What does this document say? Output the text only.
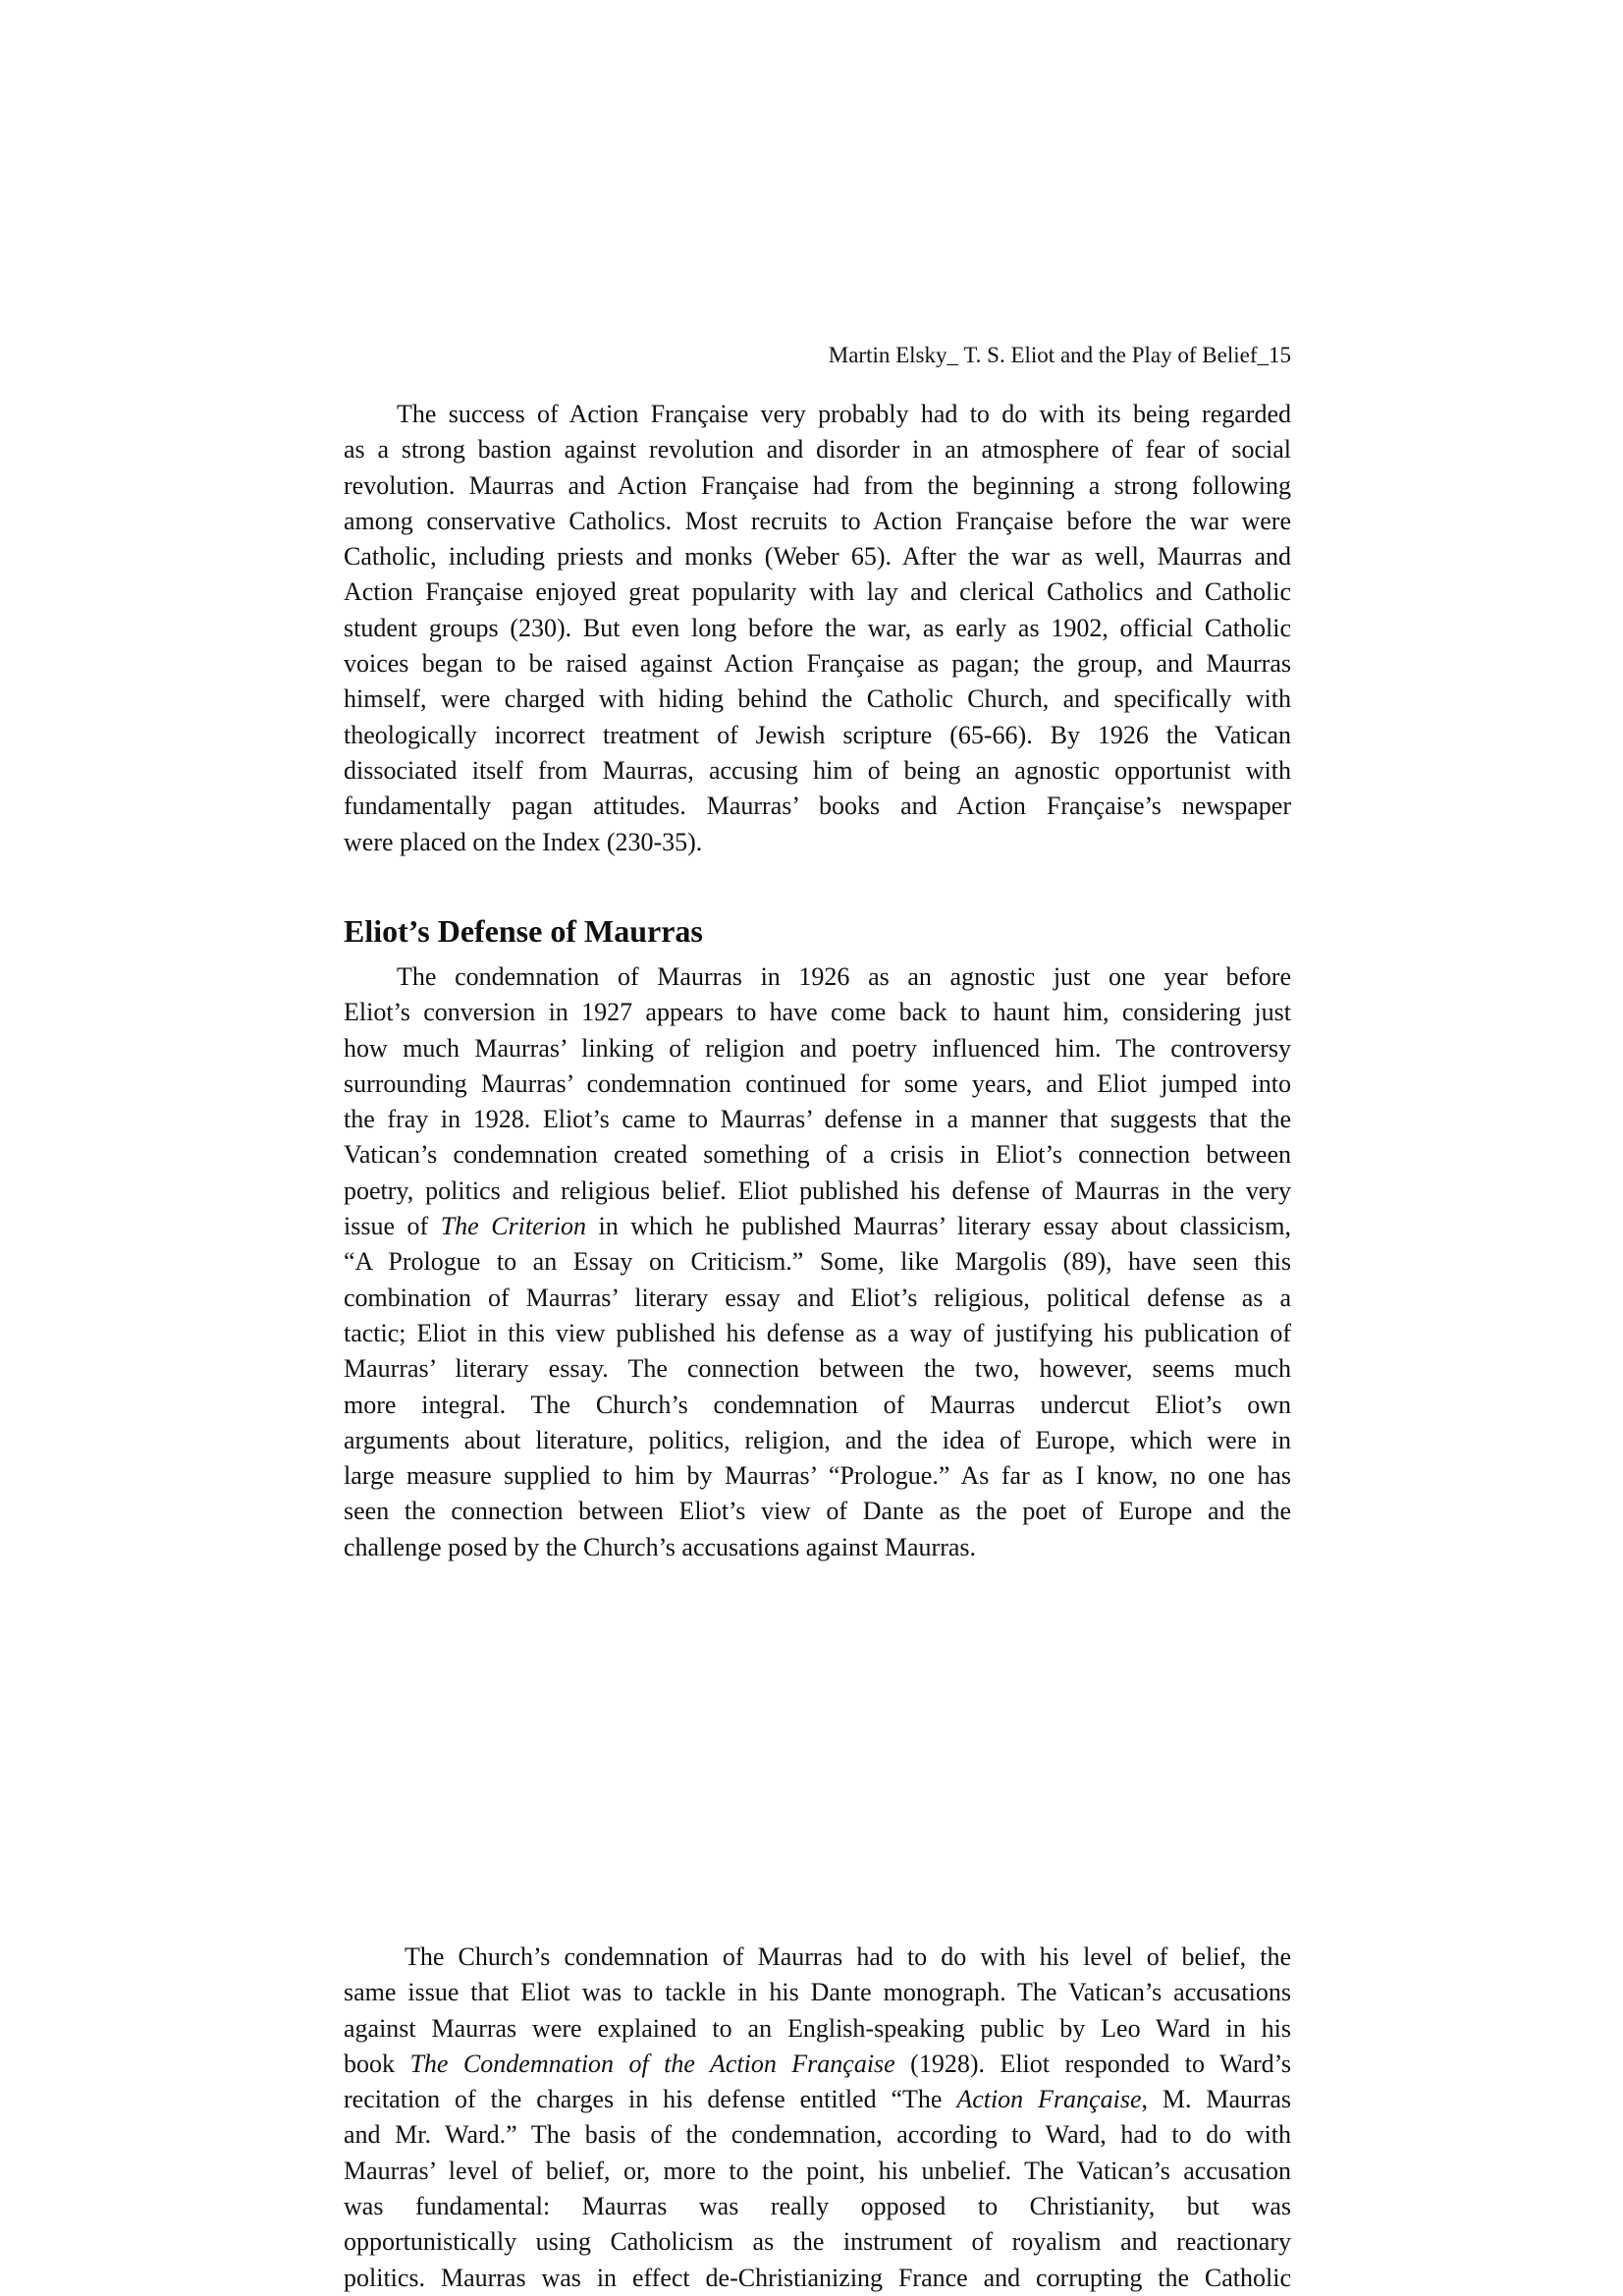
Martin Elsky_ T. S. Eliot and the Play of Belief_15
The success of Action Française very probably had to do with its being regarded
as a strong bastion against revolution and disorder in an atmosphere of fear of social
revolution. Maurras and Action Française had from the beginning a strong following
among conservative Catholics. Most recruits to Action Française before the war were
Catholic, including priests and monks (Weber 65). After the war as well, Maurras and
Action Française enjoyed great popularity with lay and clerical Catholics and Catholic
student groups (230). But even long before the war, as early as 1902, official Catholic
voices began to be raised against Action Française as pagan; the group, and Maurras
himself, were charged with hiding behind the Catholic Church, and specifically with
theologically incorrect treatment of Jewish scripture (65-66). By 1926 the Vatican
dissociated itself from Maurras, accusing him of being an agnostic opportunist with
fundamentally pagan attitudes. Maurras’ books and Action Française’s newspaper
were placed on the Index (230-35).
Eliot’s Defense of Maurras
The condemnation of Maurras in 1926 as an agnostic just one year before
Eliot’s conversion in 1927 appears to have come back to haunt him, considering just
how much Maurras’ linking of religion and poetry influenced him. The controversy
surrounding Maurras’ condemnation continued for some years, and Eliot jumped into
the fray in 1928. Eliot’s came to Maurras’ defense in a manner that suggests that the
Vatican’s condemnation created something of a crisis in Eliot’s connection between
poetry, politics and religious belief. Eliot published his defense of Maurras in the very
issue of The Criterion in which he published Maurras’ literary essay about classicism,
“A Prologue to an Essay on Criticism.” Some, like Margolis (89), have seen this
combination of Maurras’ literary essay and Eliot’s religious, political defense as a
tactic; Eliot in this view published his defense as a way of justifying his publication of
Maurras’ literary essay. The connection between the two, however, seems much
more integral. The Church’s condemnation of Maurras undercut Eliot’s own
arguments about literature, politics, religion, and the idea of Europe, which were in
large measure supplied to him by Maurras’ “Prologue.” As far as I know, no one has
seen the connection between Eliot’s view of Dante as the poet of Europe and the
challenge posed by the Church’s accusations against Maurras.
The Church’s condemnation of Maurras had to do with his level of belief, the
same issue that Eliot was to tackle in his Dante monograph. The Vatican’s accusations
against Maurras were explained to an English-speaking public by Leo Ward in his
book The Condemnation of the Action Française (1928). Eliot responded to Ward’s
recitation of the charges in his defense entitled “The Action Française, M. Maurras
and Mr. Ward.” The basis of the condemnation, according to Ward, had to do with
Maurras’ level of belief, or, more to the point, his unbelief. The Vatican’s accusation
was fundamental: Maurras was really opposed to Christianity, but was
opportunistically using Catholicism as the instrument of royalism and reactionary
politics. Maurras was in effect de-Christianizing France and corrupting the Catholic
